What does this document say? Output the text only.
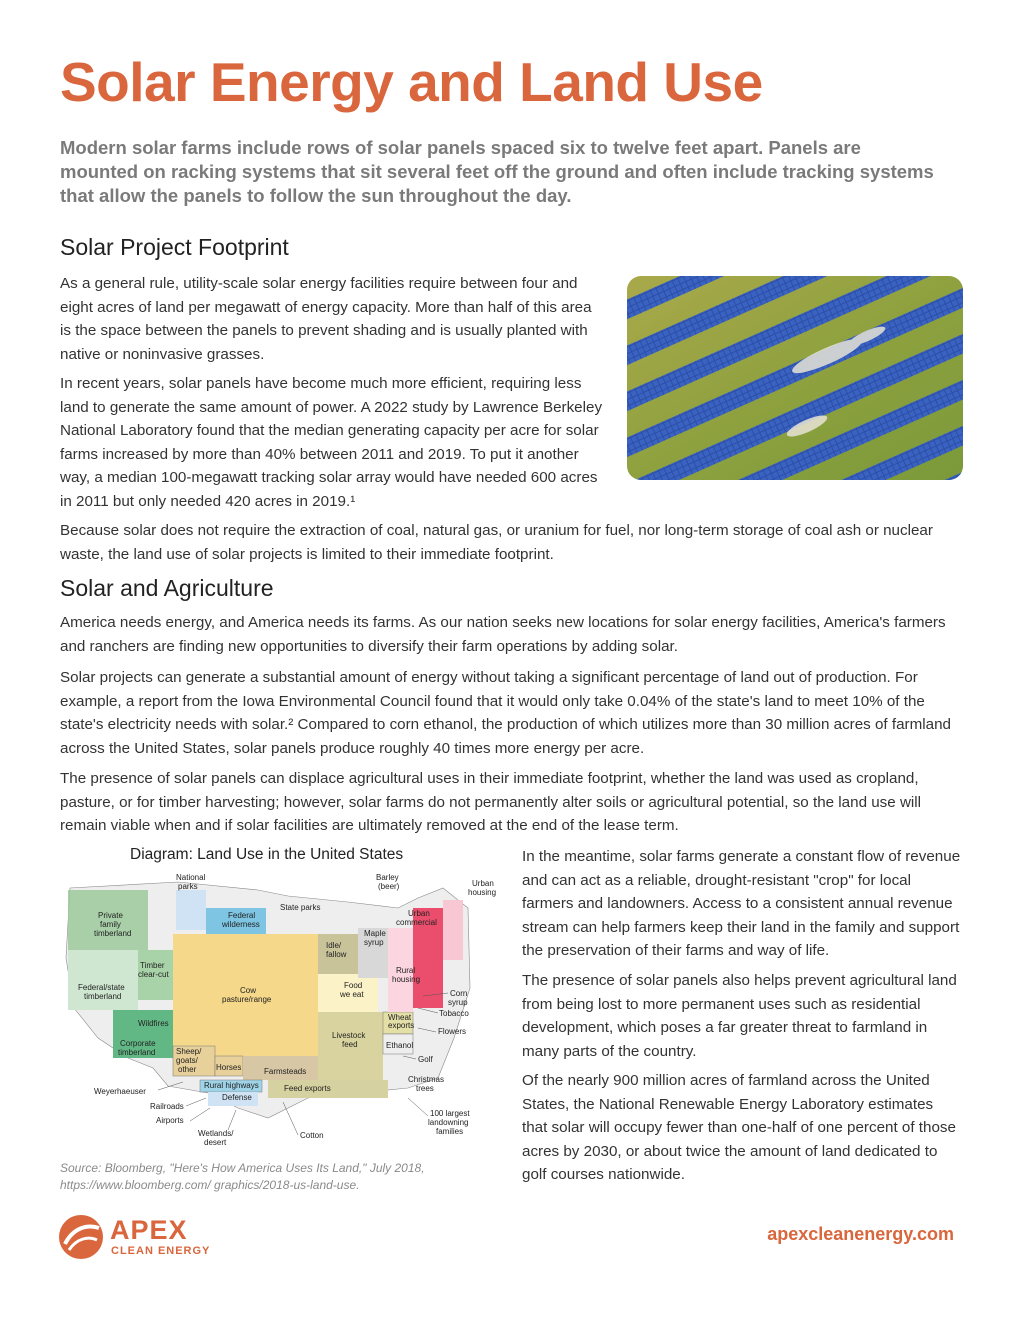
Solar Energy and Land Use
Modern solar farms include rows of solar panels spaced six to twelve feet apart. Panels are mounted on racking systems that sit several feet off the ground and often include tracking systems that allow the panels to follow the sun throughout the day.
Solar Project Footprint
As a general rule, utility-scale solar energy facilities require between four and eight acres of land per megawatt of energy capacity. More than half of this area is the space between the panels to prevent shading and is usually planted with native or noninvasive grasses.
In recent years, solar panels have become much more efficient, requiring less land to generate the same amount of power. A 2022 study by Lawrence Berkeley National Laboratory found that the median generating capacity per acre for solar farms increased by more than 40% between 2011 and 2019. To put it another way, a median 100-megawatt tracking solar array would have needed 600 acres in 2011 but only needed 420 acres in 2019.¹
Because solar does not require the extraction of coal, natural gas, or uranium for fuel, nor long-term storage of coal ash or nuclear waste, the land use of solar projects is limited to their immediate footprint.
Solar and Agriculture
America needs energy, and America needs its farms. As our nation seeks new locations for solar energy facilities, America's farmers and ranchers are finding new opportunities to diversify their farm operations by adding solar.
Solar projects can generate a substantial amount of energy without taking a significant percentage of land out of production. For example, a report from the Iowa Environmental Council found that it would only take 0.04% of the state's land to meet 10% of the state's electricity needs with solar.² Compared to corn ethanol, the production of which utilizes more than 30 million acres of farmland across the United States, solar panels produce roughly 40 times more energy per acre.
The presence of solar panels can displace agricultural uses in their immediate footprint, whether the land was used as cropland, pasture, or for timber harvesting; however, solar farms do not permanently alter soils or agricultural potential, so the land use will remain viable when and if solar facilities are ultimately removed at the end of the lease term.
Diagram: Land Use in the United States
National
parks
State parks
Barley
(beer)	Urban
housing
Private
family
timberland
Federal
wilderness
Urban
commercial
Maple
syrup
Idle/
fallow
Timber
clear-cut	Rural
housing
Cow
pasture/range
Federal/state
timberland
Food
we eat	Corn
syrup
Tobacco
Wheat
exports
Flowers
Wildfires
Corporate
timberland
Livestock
feed	Ethanol
Sheep/
goats/
other Horses	Farmsteads
Golf
Weyerhaeuser
Rural highways	Feed exports
Christmas
trees
Defense
Railroads
Airports
100 largest
landowning
families
Wetlands/
desert
Cotton
Source: Bloomberg, "Here's How America Uses Its Land," July 2018, https://www.bloomberg.com/ graphics/2018-us-land-use.
In the meantime, solar farms generate a constant flow of revenue and can act as a reliable, drought-resistant "crop" for local farmers and landowners. Access to a consistent annual revenue stream can help farmers keep their land in the family and support the preservation of their farms and way of life.
The presence of solar panels also helps prevent agricultural land from being lost to more permanent uses such as residential development, which poses a far greater threat to farmland in many parts of the country.
Of the nearly 900 million acres of farmland across the United States, the National Renewable Energy Laboratory estimates that solar will occupy fewer than one-half of one percent of those acres by 2030, or about twice the amount of land dedicated to golf courses nationwide.
APEX
CLEAN ENERGY
apexcleanenergy.com
